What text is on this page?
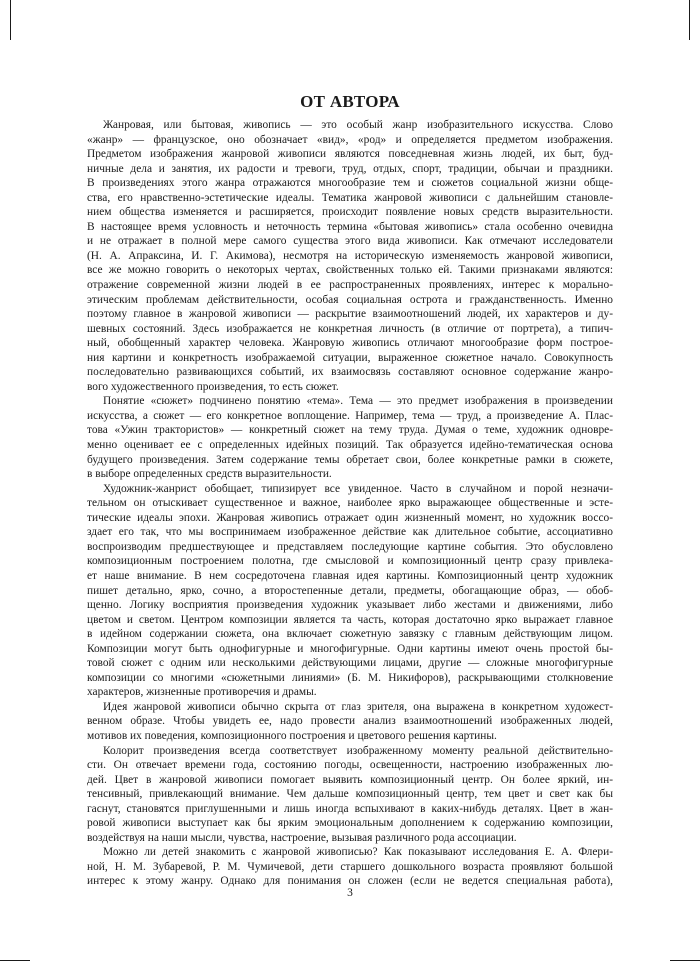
ОТ АВТОРА
Жанровая, или бытовая, живопись — это особый жанр изобразительного искусства. Слово
«жанр» — французское, оно обозначает «вид», «род» и определяется предметом изображения.
Предметом изображения жанровой живописи являются повседневная жизнь людей, их быт, буд-
ничные дела и занятия, их радости и тревоги, труд, отдых, спорт, традиции, обычаи и праздники.
В произведениях этого жанра отражаются многообразие тем и сюжетов социальной жизни обще-
ства, его нравственно-эстетические идеалы. Тематика жанровой живописи с дальнейшим становле-
нием общества изменяется и расширяется, происходит появление новых средств выразительности.
В настоящее время условность и неточность термина «бытовая живопись» стала особенно очевидна
и не отражает в полной мере самого существа этого вида живописи. Как отмечают исследователи
(Н. А. Апраксина, И. Г. Акимова), несмотря на историческую изменяемость жанровой живописи,
все же можно говорить о некоторых чертах, свойственных только ей. Такими признаками являются:
отражение современной жизни людей в ее распространенных проявлениях, интерес к морально-
этическим проблемам действительности, особая социальная острота и гражданственность. Именно
поэтому главное в жанровой живописи — раскрытие взаимоотношений людей, их характеров и ду-
шевных состояний. Здесь изображается не конкретная личность (в отличие от портрета), а типич-
ный, обобщенный характер человека. Жанровую живопись отличают многообразие форм построе-
ния картини и конкретность изображаемой ситуации, выраженное сюжетное начало. Совокупность
последовательно развивающихся событий, их взаимосвязь составляют основное содержание жанро-
вого художественного произведения, то есть сюжет.
Понятие «сюжет» подчинено понятию «тема». Тема — это предмет изображения в произведении
искусства, а сюжет — его конкретное воплощение. Например, тема — труд, а произведение А. Плас-
това «Ужин трактористов» — конкретный сюжет на тему труда. Думая о теме, художник одновре-
менно оценивает ее с определенных идейных позиций. Так образуется идейно-тематическая основа
будущего произведения. Затем содержание темы обретает свои, более конкретные рамки в сюжете,
в выборе определенных средств выразительности.
Художник-жанрист обобщает, типизирует все увиденное. Часто в случайном и порой незначи-
тельном он отыскивает существенное и важное, наиболее ярко выражающее общественные и эсте-
тические идеалы эпохи. Жанровая живопись отражает один жизненный момент, но художник воссо-
здает его так, что мы воспринимаем изображенное действие как длительное событие, ассоциативно
воспроизводим предшествующее и представляем последующие картине события. Это обусловлено
композиционным построением полотна, где смысловой и композиционный центр сразу привлека-
ет наше внимание. В нем сосредоточена главная идея картины. Композиционный центр художник
пишет детально, ярко, сочно, а второстепенные детали, предметы, обогащающие образ, — обоб-
щенно. Логику восприятия произведения художник указывает либо жестами и движениями, либо
цветом и светом. Центром композиции является та часть, которая достаточно ярко выражает главное
в идейном содержании сюжета, она включает сюжетную завязку с главным действующим лицом.
Композиции могут быть однофигурные и многофигурные. Одни картины имеют очень простой бы-
товой сюжет с одним или несколькими действующими лицами, другие — сложные многофигурные
композиции со многими «сюжетными линиями» (Б. М. Никифоров), раскрывающими столкновение
характеров, жизненные противоречия и драмы.
Идея жанровой живописи обычно скрыта от глаз зрителя, она выражена в конкретном художест-
венном образе. Чтобы увидеть ее, надо провести анализ взаимоотношений изображенных людей,
мотивов их поведения, композиционного построения и цветового решения картины.
Колорит произведения всегда соответствует изображенному моменту реальной действительно-
сти. Он отвечает времени года, состоянию погоды, освещенности, настроению изображенных лю-
дей. Цвет в жанровой живописи помогает выявить композиционный центр. Он более яркий, ин-
тенсивный, привлекающий внимание. Чем дальше композиционный центр, тем цвет и свет как бы
гаснут, становятся приглушенными и лишь иногда вспыхивают в каких-нибудь деталях. Цвет в жан-
ровой живописи выступает как бы ярким эмоциональным дополнением к содержанию композиции,
воздействуя на наши мысли, чувства, настроение, вызывая различного рода ассоциации.
Можно ли детей знакомить с жанровой живописью? Как показывают исследования Е. А. Флери-
ной, Н. М. Зубаревой, Р. М. Чумичевой, дети старшего дошкольного возраста проявляют большой
интерес к этому жанру. Однако для понимания он сложен (если не ведется специальная работа),
3
